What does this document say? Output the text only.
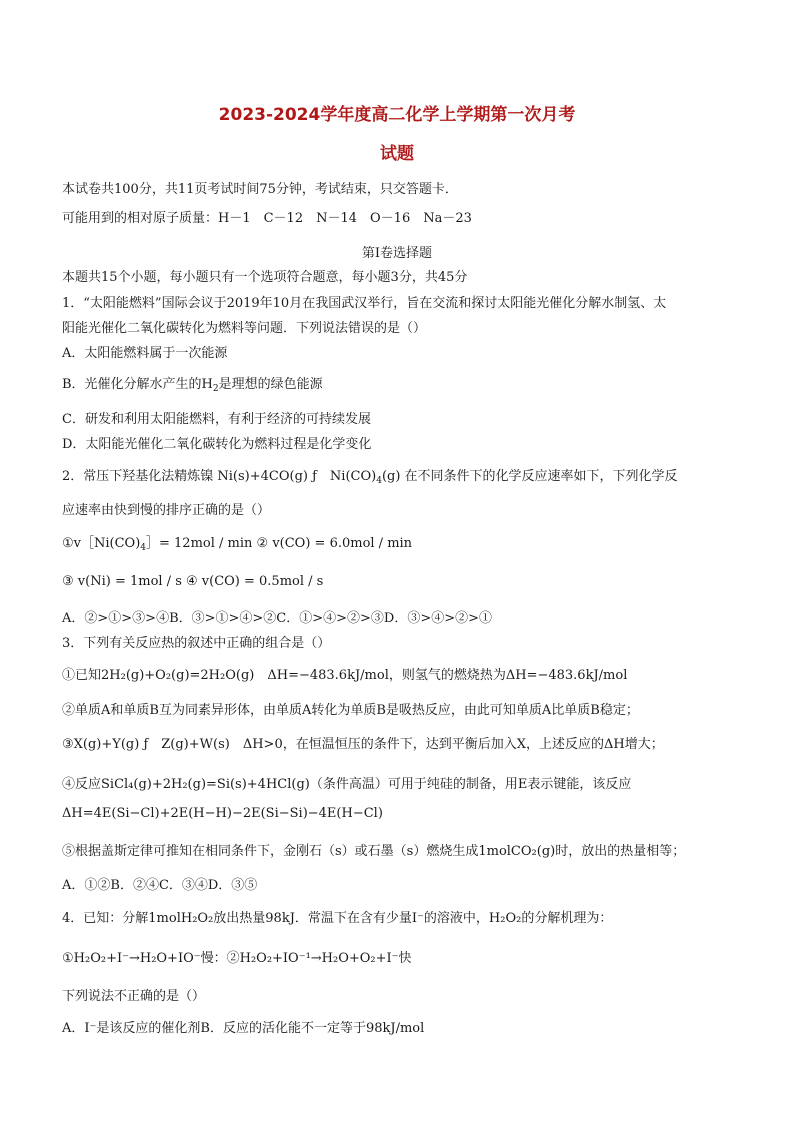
2023-2024学年度高二化学上学期第一次月考
试题
本试卷共100分，共11页考试时间75分钟，考试结束，只交答题卡．
可能用到的相对原子质量：H－1　C－12　N－14　O－16　Na－23
第Ⅰ卷选择题
本题共15个小题，每小题只有一个选项符合题意，每小题3分，共45分
1．“太阳能燃料”国际会议于2019年10月在我国武汉举行，旨在交流和探讨太阳能光催化分解水制氢、太
阳能光催化二氧化碳转化为燃料等问题．下列说法错误的是（）
A．太阳能燃料属于一次能源
B．光催化分解水产生的$H_2$是理想的绿色能源
C．研发和利用太阳能燃料，有利于经济的可持续发展
D．太阳能光催化二氧化碳转化为燃料过程是化学变化
2．常压下羟基化法精炼镍 Ni(s)+4CO(g) ƒ　$Ni(CO)_4(g)$ 在不同条件下的化学反应速率如下，下列化学反
应速率由快到慢的排序正确的是（）
$①v[Ni(CO)_4]= 12mol / \min$ ② v(CO) = 6.0mol / min
③ v(Ni) = 1mol / s ④ v(CO) = 0.5mol / s
A．②>①>③>④B．③>①>④>②C．①>④>②>③D．③>④>②>①
3．下列有关反应热的叙述中正确的组合是（）
①已知2H₂(g)+O₂(g)=2H₂O(g)　ΔH=−483.6kJ/mol，则氢气的燃烧热为ΔH=−483.6kJ/mol
②单质A和单质B互为同素异形体，由单质A转化为单质B是吸热反应，由此可知单质A比单质B稳定；
③X(g)+Y(g) ƒ　Z(g)+W(s)　ΔH>0，在恒温恒压的条件下，达到平衡后加入X，上述反应的ΔH增大；
④反应SiCl₄(g)+2H₂(g)=Si(s)+4HCl(g)（条件高温）可用于纯硅的制备，用E表示键能，该反应
ΔH=4E(Si−Cl)+2E(H−H)−2E(Si−Si)−4E(H−Cl)
⑤根据盖斯定律可推知在相同条件下，金刚石（s）或石墨（s）燃烧生成1molCO₂(g)时，放出的热量相等；
A．①②B．②④C．③④D．③⑤
4．已知：分解1molH₂O₂放出热量98kJ．常温下在含有少量I⁻的溶液中，H₂O₂的分解机理为：
①H₂O₂+I⁻→H₂O+IO⁻慢：②H₂O₂+IO⁻¹→H₂O+O₂+I⁻快
下列说法不正确的是（）
A．I⁻是该反应的催化剂B．反应的活化能不一定等于98kJ/mol
